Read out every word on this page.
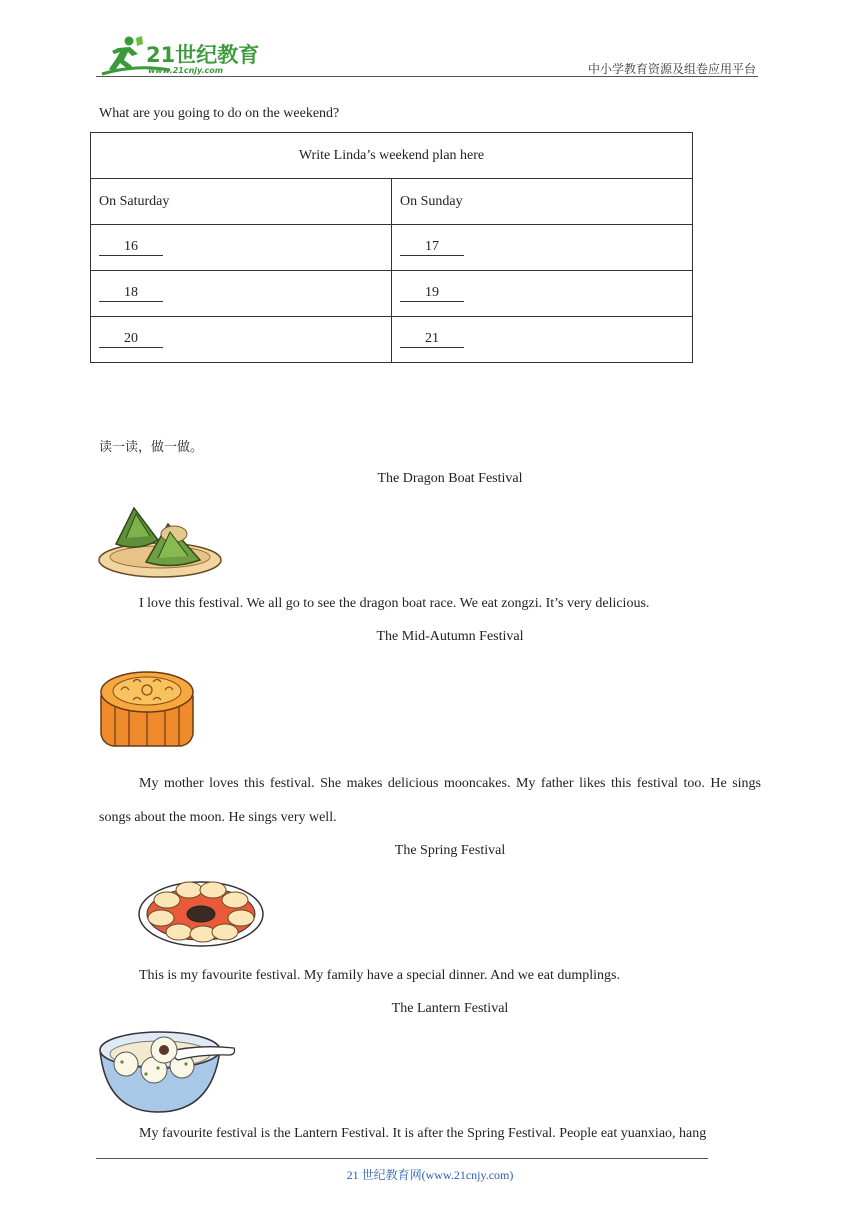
21世纪教育
www.21cnjy.com	中小学教育资源及组卷应用平台
What are you going to do on the weekend?
Write Linda’s weekend plan here	
On Saturday	On Sunday
16	17
18	19
20	21
读一读，做一做。
The Dragon Boat Festival
I love this festival. We all go to see the dragon boat race. We eat zongzi. It’s very delicious.
The Mid-Autumn Festival
My mother loves this festival. She makes delicious mooncakes. My father likes this festival too. He sings songs about the moon. He sings very well.
The Spring Festival
This is my favourite festival. My family have a special dinner. And we eat dumplings.
The Lantern Festival
My favourite festival is the Lantern Festival. It is after the Spring Festival. People eat yuanxiao, hang
21 世纪教育网(www.21cnjy.com)
